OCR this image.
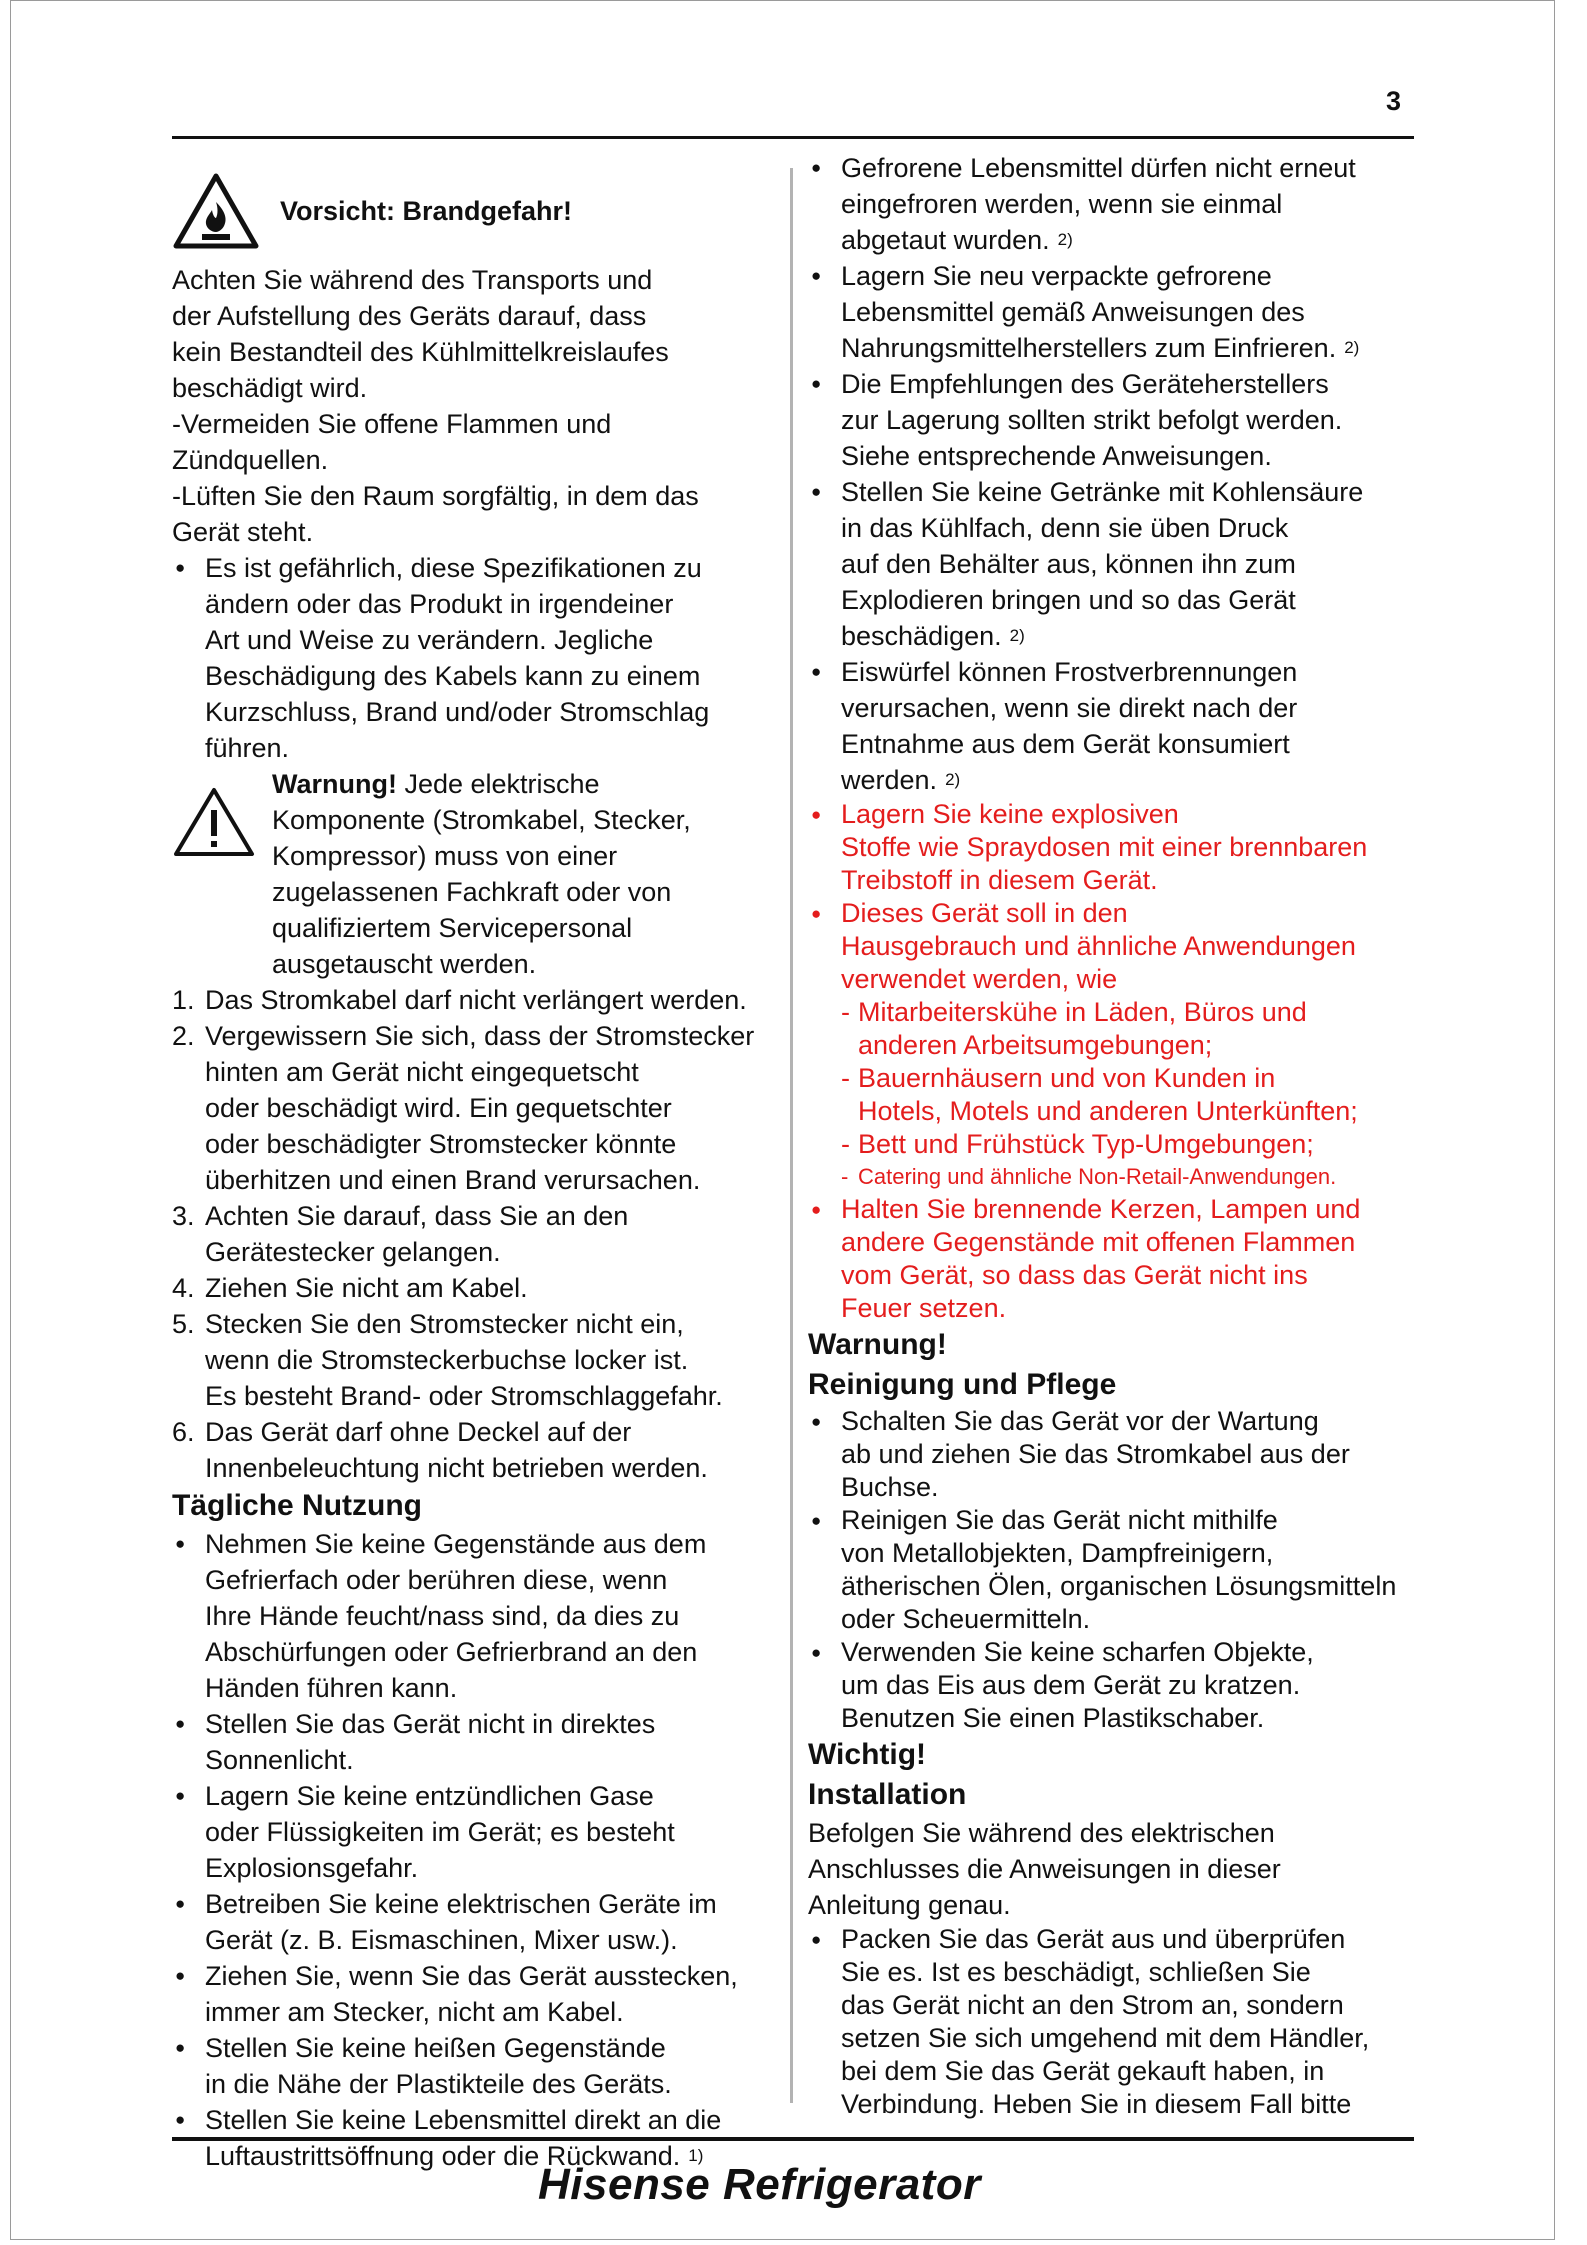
3
Vorsicht: Brandgefahr!

Achten Sie während des Transports und

der Aufstellung des Geräts darauf, dass

kein Bestandteil des Kühlmittelkreislaufes

beschädigt wird.

-Vermeiden Sie offene Flammen und

Zündquellen.

-Lüften Sie den Raum sorgfältig, in dem das

Gerät steht.

● Es ist gefährlich, diese Spezifikationen zu

ändern oder das Produkt in irgendeiner

Art und Weise zu verändern. Jegliche

Beschädigung des Kabels kann zu einem

Kurzschluss, Brand und/oder Stromschlag

führen.

Warnung! Jede elektrische

Komponente (Stromkabel, Stecker,

Kompressor) muss von einer

zugelassenen Fachkraft oder von

qualifiziertem Servicepersonal

ausgetauscht werden.

1. Das Stromkabel darf nicht verlängert werden.

2. Vergewissern Sie sich, dass der Stromstecker

hinten am Gerät nicht eingequetscht

oder beschädigt wird. Ein gequetschter

oder beschädigter Stromstecker könnte

überhitzen und einen Brand verursachen.

3. Achten Sie darauf, dass Sie an den

Gerätestecker gelangen.

4. Ziehen Sie nicht am Kabel.

5. Stecken Sie den Stromstecker nicht ein,

wenn die Stromsteckerbuchse locker ist.

Es besteht Brand- oder Stromschlaggefahr.

6. Das Gerät darf ohne Deckel auf der

Innenbeleuchtung nicht betrieben werden.

Tägliche Nutzung

● Nehmen Sie keine Gegenstände aus dem

Gefrierfach oder berühren diese, wenn

Ihre Hände feucht/nass sind, da dies zu

Abschürfungen oder Gefrierbrand an den

Händen führen kann.

● Stellen Sie das Gerät nicht in direktes

Sonnenlicht.

● Lagern Sie keine entzündlichen Gase

oder Flüssigkeiten im Gerät; es besteht

Explosionsgefahr.

● Betreiben Sie keine elektrischen Geräte im

Gerät (z. B. Eismaschinen, Mixer usw.).

● Ziehen Sie, wenn Sie das Gerät ausstecken,

immer am Stecker, nicht am Kabel.

● Stellen Sie keine heißen Gegenstände

in die Nähe der Plastikteile des Geräts.

● Stellen Sie keine Lebensmittel direkt an die

Luftaustrittsöffnung oder die Rückwand. 1)

● Gefrorene Lebensmittel dürfen nicht erneut

eingefroren werden, wenn sie einmal

abgetaut wurden. 2)

● Lagern Sie neu verpackte gefrorene

Lebensmittel gemäß Anweisungen des

Nahrungsmittelherstellers zum Einfrieren. 2)

● Die Empfehlungen des Geräteherstellers

zur Lagerung sollten strikt befolgt werden.

Siehe entsprechende Anweisungen.

● Stellen Sie keine Getränke mit Kohlensäure

in das Kühlfach, denn sie üben Druck

auf den Behälter aus, können ihn zum

Explodieren bringen und so das Gerät

beschädigen. 2)

● Eiswürfel können Frostverbrennungen

verursachen, wenn sie direkt nach der

Entnahme aus dem Gerät konsumiert

werden. 2)

● Lagern Sie keine explosiven

Stoffe wie Spraydosen mit einer brennbaren

Treibstoff in diesem Gerät.

● Dieses Gerät soll in den

Hausgebrauch und ähnliche Anwendungen

verwendet werden, wie

- Mitarbeiterskühe in Läden, Büros und

anderen Arbeitsumgebungen;

- Bauernhäusern und von Kunden in

Hotels, Motels und anderen Unterkünften;

- Bett und Frühstück Typ-Umgebungen;

- Catering und ähnliche Non-Retail-Anwendungen.

● Halten Sie brennende Kerzen, Lampen und

andere Gegenstände mit offenen Flammen

vom Gerät, so dass das Gerät nicht ins

Feuer setzen.

Warnung!
Reinigung und Pflege

● Schalten Sie das Gerät vor der Wartung

ab und ziehen Sie das Stromkabel aus der

Buchse.

● Reinigen Sie das Gerät nicht mithilfe

von Metallobjekten, Dampfreinigern,

ätherischen Ölen, organischen Lösungsmitteln

oder Scheuermitteln.

● Verwenden Sie keine scharfen Objekte,

um das Eis aus dem Gerät zu kratzen.

Benutzen Sie einen Plastikschaber.

Wichtig!
Installation

Befolgen Sie während des elektrischen

Anschlusses die Anweisungen in dieser

Anleitung genau.

● Packen Sie das Gerät aus und überprüfen

Sie es. Ist es beschädigt, schließen Sie

das Gerät nicht an den Strom an, sondern

setzen Sie sich umgehend mit dem Händler,

bei dem Sie das Gerät gekauft haben, in

Verbindung. Heben Sie in diesem Fall bitte

Hisense Refrigerator
